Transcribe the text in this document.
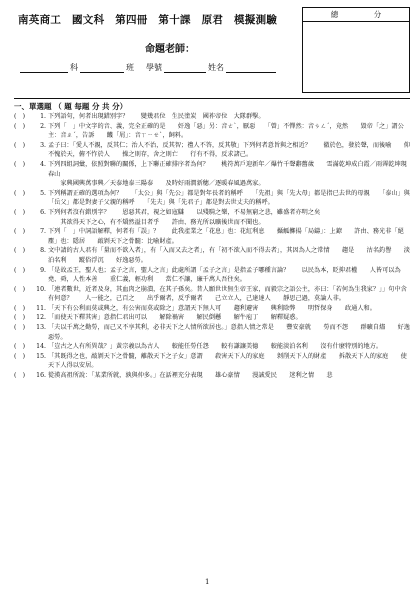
南英商工　國文科　第四冊　第十課　原君　模擬測驗
命題老師：
科	班 學號	姓名
總	分
一、單選題 （ 題 每題 分 共 分）
(　)	1. 下列語句，何者出現錯別字？　　變幾君位　生民塗炭　國祚帝位　大隊群擊。
(　)	2. 下列「　」中文字的音、義，完全正確的是　　奸逸「惡」另：音ㄜˋ，厭惡　　「曾」不憚然：音ㄘㄥˊ，竟然　　毀帝「之」謂公主：音ㄓˊ，告訴　　饑「屑」：音ㄒㄧㄝˋ，飼料。
(　)	3. 孟子曰：「愛人不親，反其仁；治人不治，反其智；禮人不答，反其敬」下列何者意旨與之相近？　　徹於色，發於聲，而後喻　　仰不愧於天，俯不怍於人　　操之則存，舍之則亡　　行有不得，反求諸己。
(　)	4. 下列四組詞彙，依照對聯的關係，上下聯正確排序者為何？　　桃符萬戶迎新年／爆竹千聲辭舊歲　　雪滿乾坤成白霞／雨霽乾坤現春山
　　家興國興萬事興／天泰地泰三陽泰　　及時好雨潤新穗／逐暖春風過萬家。
(　)	5. 下列稱謂正確的選項為何？　　「太公」與「先公」都是對年長者的稱呼　　「先祖」與「先大母」都是指已去世的母親　　「泰山」與「岳父」都是對妻子父親的稱呼　　「先夫」與「先君子」都是對去世丈夫的稱呼。
(　)	6. 下列何者沒有錯別字？　　恩惡其君，視之如寇讎　　以殘騎之樂，不易無窮之悲，雖盛者亦明之矣
　　其欲得天下之心，有不矯然溢目者乎　　許由、務光所以曠後世而不聞也。
(　)	7. 下列「　」中詞語解釋，何者有「誤」？　　此我產業之「花息」也：花紅利息　　攝觚擲揚「局鑄」：上鐐　　許由、務光非「絕塵」也：隱居　　敲剝天下之骨髓：比喻財產。
(　)	8. 文中請的古人君有「量而不欲入者」，有「入而又去之者」，有「初不欲入而不得去者」，其因為人之常情　　趨是　　沽名釣譽　　淡泊名利　　蹤俗浮沉　　好逸惡勞。
(　)	9. 「是故孟王，聖人也；孟子之言，聖人之言」此處所謂「孟子之言」是指孟子哪種言論？　　以民為本，貶抑君權　　人皆可以為堯、舜，人性本善　　重仁義，輕功利　　當仁不讓，廉千萬人吾往矣。
(　)	10. 「連者數世，近者及身，其血肉之崩潰，在其子孫矣。昔人願世世無生帝王家，而毅宗之語公主，亦曰：「若何為生我家？」」句中含有何意？　　人一能之，己百之　　出乎爾者，反乎爾者　　己立立人，己達達人　　靜思己過，莫論人非。
(　)	11. 「天下有公利而莫或興之，有公害而莫或除之」意謂天下無人可　　趨利避害　　興利除弊　　明哲保身　　政通人和。
(　)	12. 「而使天下釋其害」意指仁君出可以　　解除禍害　　解民倒懸　　解牛庖丁　　解釋疑惑。
(　)	13. 「夫以千萬之勤勞，而己又不享其利，必非天下之人情所欲居也。」意指人情之常是　　豐安豪就　　勞而不怨　　群曠自燼　　好逸惡勞。
(　)	14. 「豈古之人有所異哉？」黃宗羲以為古人　　較能任勞任怨　　較有謙讓美德　　較能淡泊名利　　沒有什麼特別的地方。
(　)	15. 「其既得之也，敲剝天下之骨髓，離散天下之子女」意謂　　殺害天下人的家庭　　剝削天下人的財產　　拆散天下人的家庭　　使天下人得以安居。
(　)	16. 從漢高祖所說：「某業所就，孰與仲多。」在話裡充分表現　　雄心豪情　　漫誠愛民　　迷利之情　　悲
1
